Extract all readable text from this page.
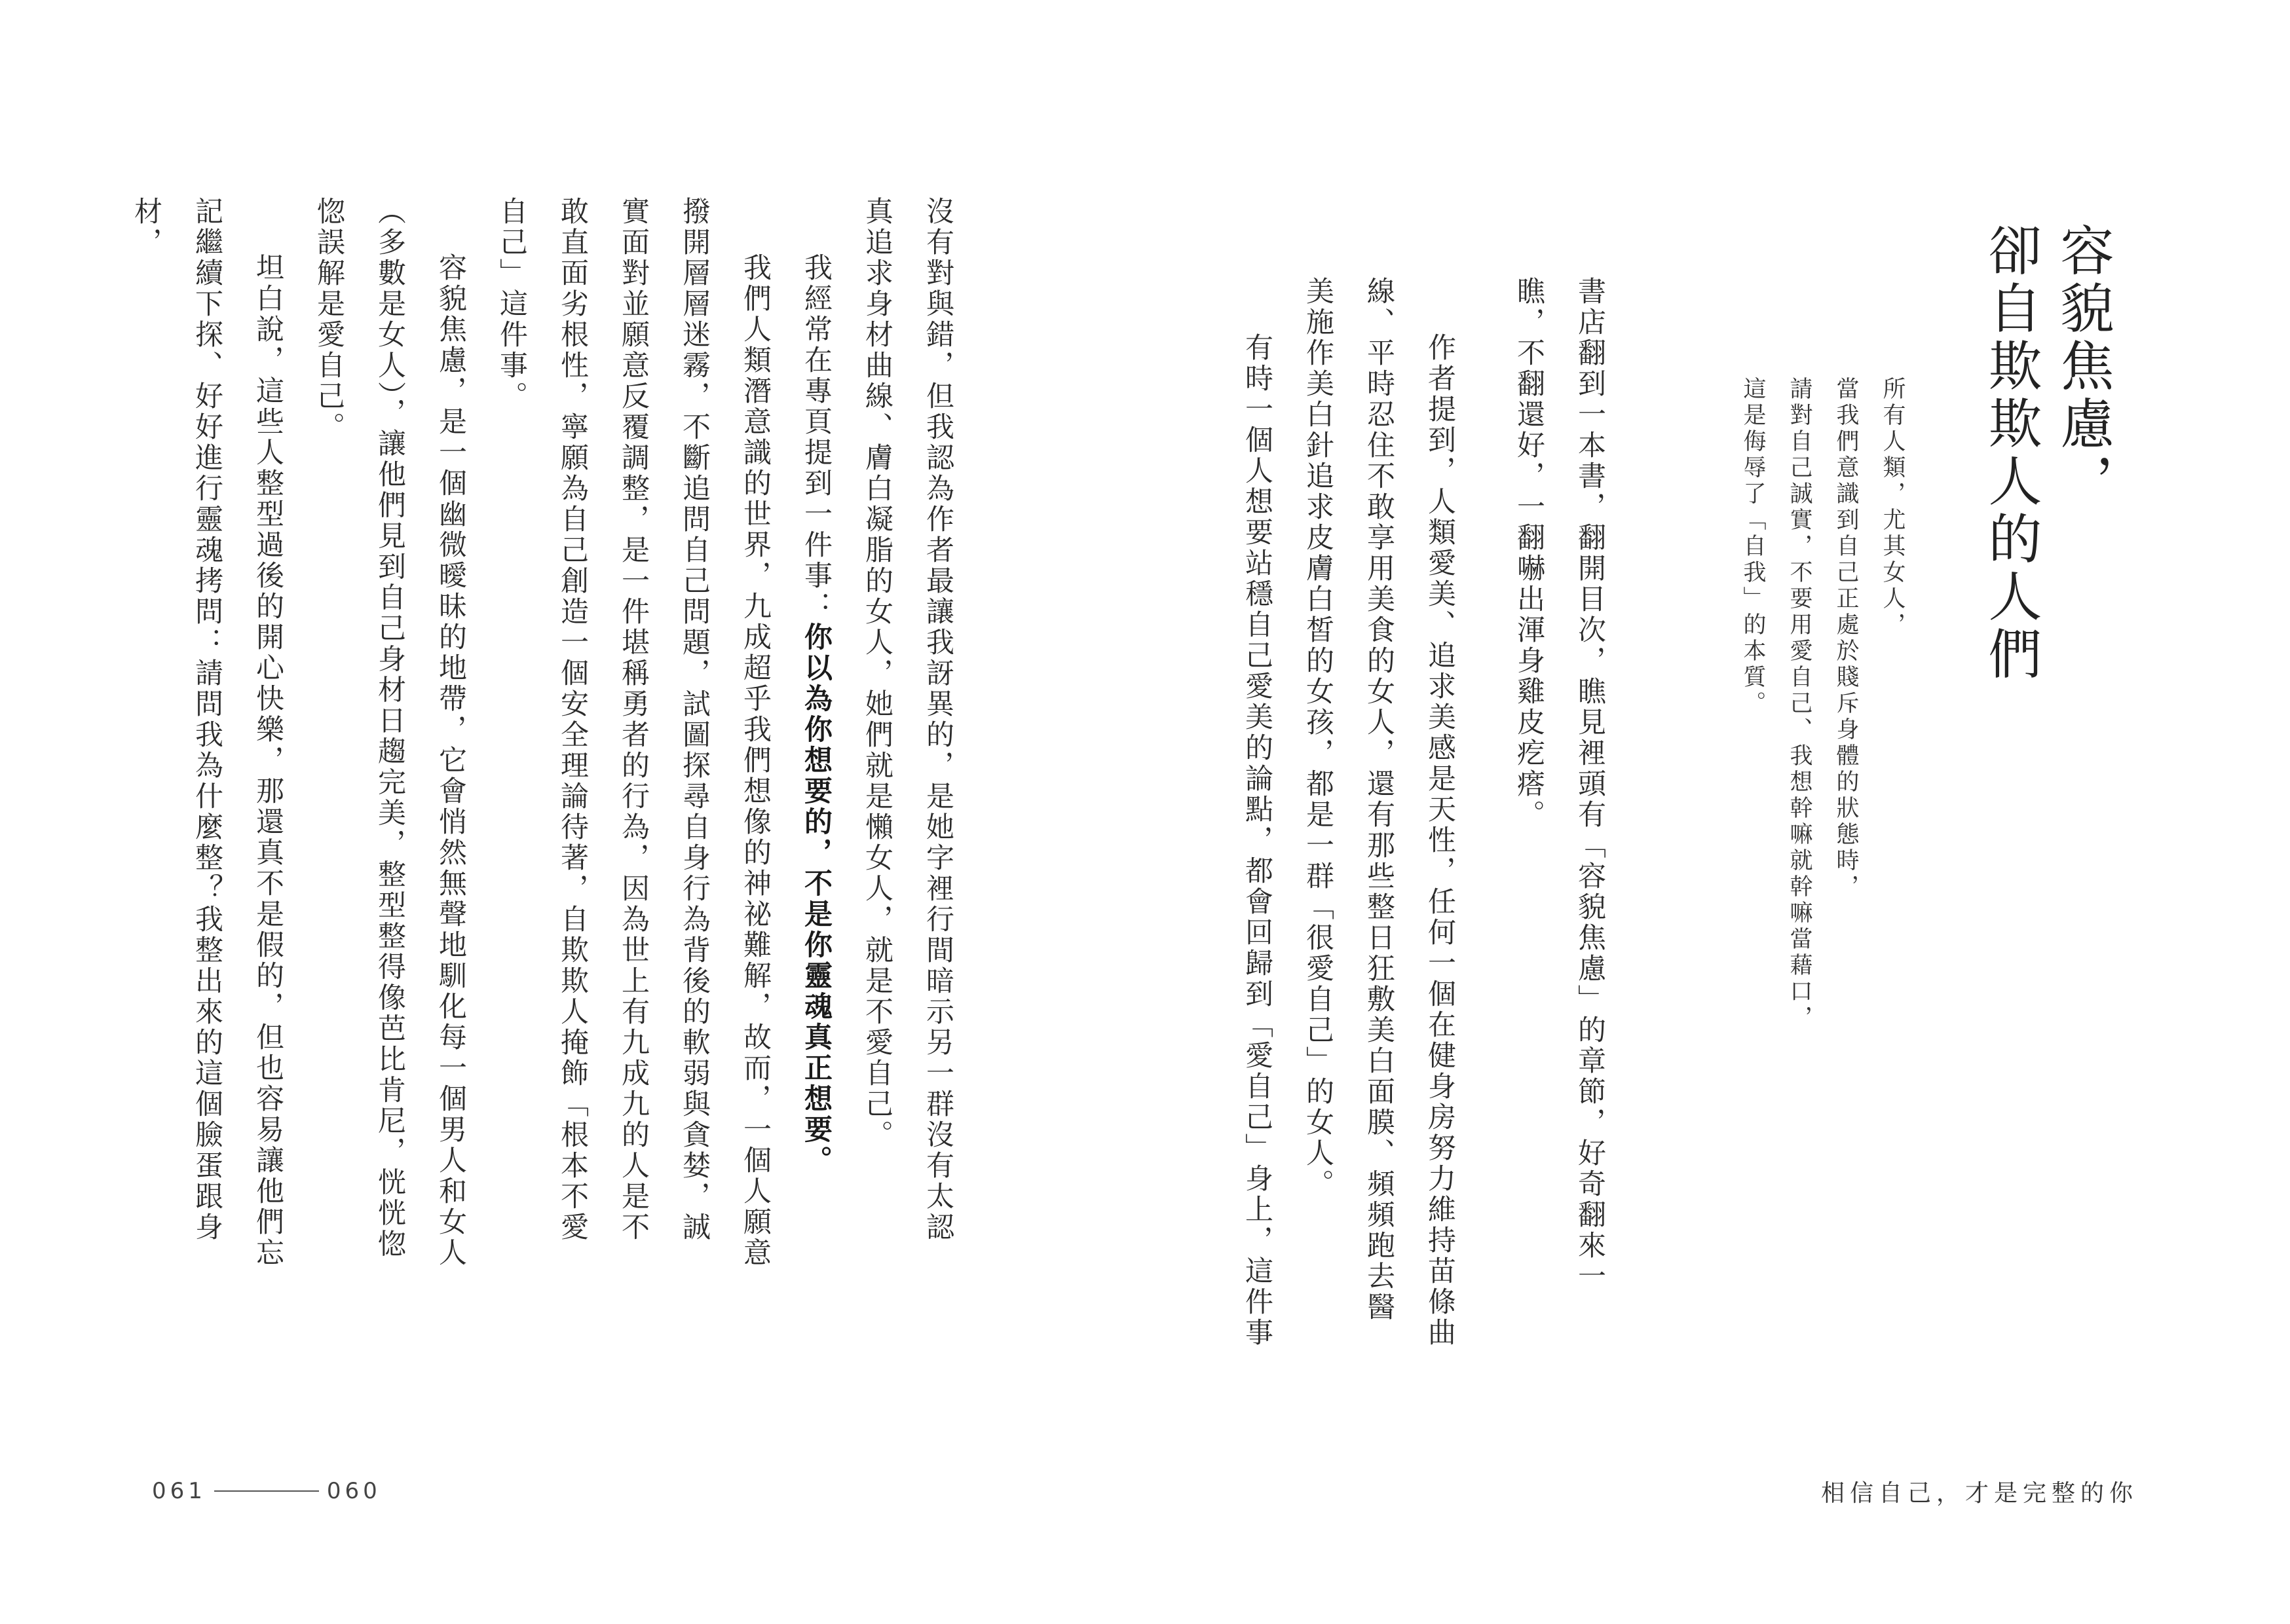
容貌焦慮，
卻自欺欺人的人們
所有人類，尤其女人，
當我們意識到自己正處於賤斥身體的狀態時，
請對自己誠實，不要用愛自己、我想幹嘛就幹嘛當藉口，
這是侮辱了「自我」的本質。

書店翻到一本書，翻開目次，瞧見裡頭有「容貌焦慮」的章節，好奇翻來一瞧，不翻還好，一翻嚇出渾身雞皮疙瘩。

作者提到，人類愛美、追求美感是天性，任何一個在健身房努力維持苗條曲線、平時忍住不敢享用美食的女人，還有那些整日狂敷美白面膜、頻頻跑去醫美施作美白針追求皮膚白皙的女孩，都是一群「很愛自己」的女人。

有時一個人想要站穩自己愛美的論點，都會回歸到「愛自己」身上，這件事

沒有對與錯，但我認為作者最讓我訝異的，是她字裡行間暗示另一群沒有太認真追求身材曲線、膚白凝脂的女人，她們就是懶女人，就是不愛自己。

我經常在專頁提到一件事：你以為你想要的，不是你靈魂真正想要。

我們人類潛意識的世界，九成超乎我們想像的神祕難解，故而，一個人願意撥開層層迷霧，不斷追問自己問題，試圖探尋自身行為背後的軟弱與貪婪，誠實面對並願意反覆調整，是一件堪稱勇者的行為，因為世上有九成九的人是不敢直面劣根性，寧願為自己創造一個安全理論待著，自欺欺人掩飾「根本不愛自己」這件事。

容貌焦慮，是一個幽微曖昧的地帶，它會悄然無聲地馴化每一個男人和女人（多數是女人），讓他們見到自己身材日趨完美，整型整得像芭比肯尼，恍恍惚惚誤解是愛自己。

坦白說，這些人整型過後的開心快樂，那還真不是假的，但也容易讓他們忘記繼續下探、好好進行靈魂拷問：請問我為什麼整？我整出來的這個臉蛋跟身材，

061	060	相信自己，才是完整的你
